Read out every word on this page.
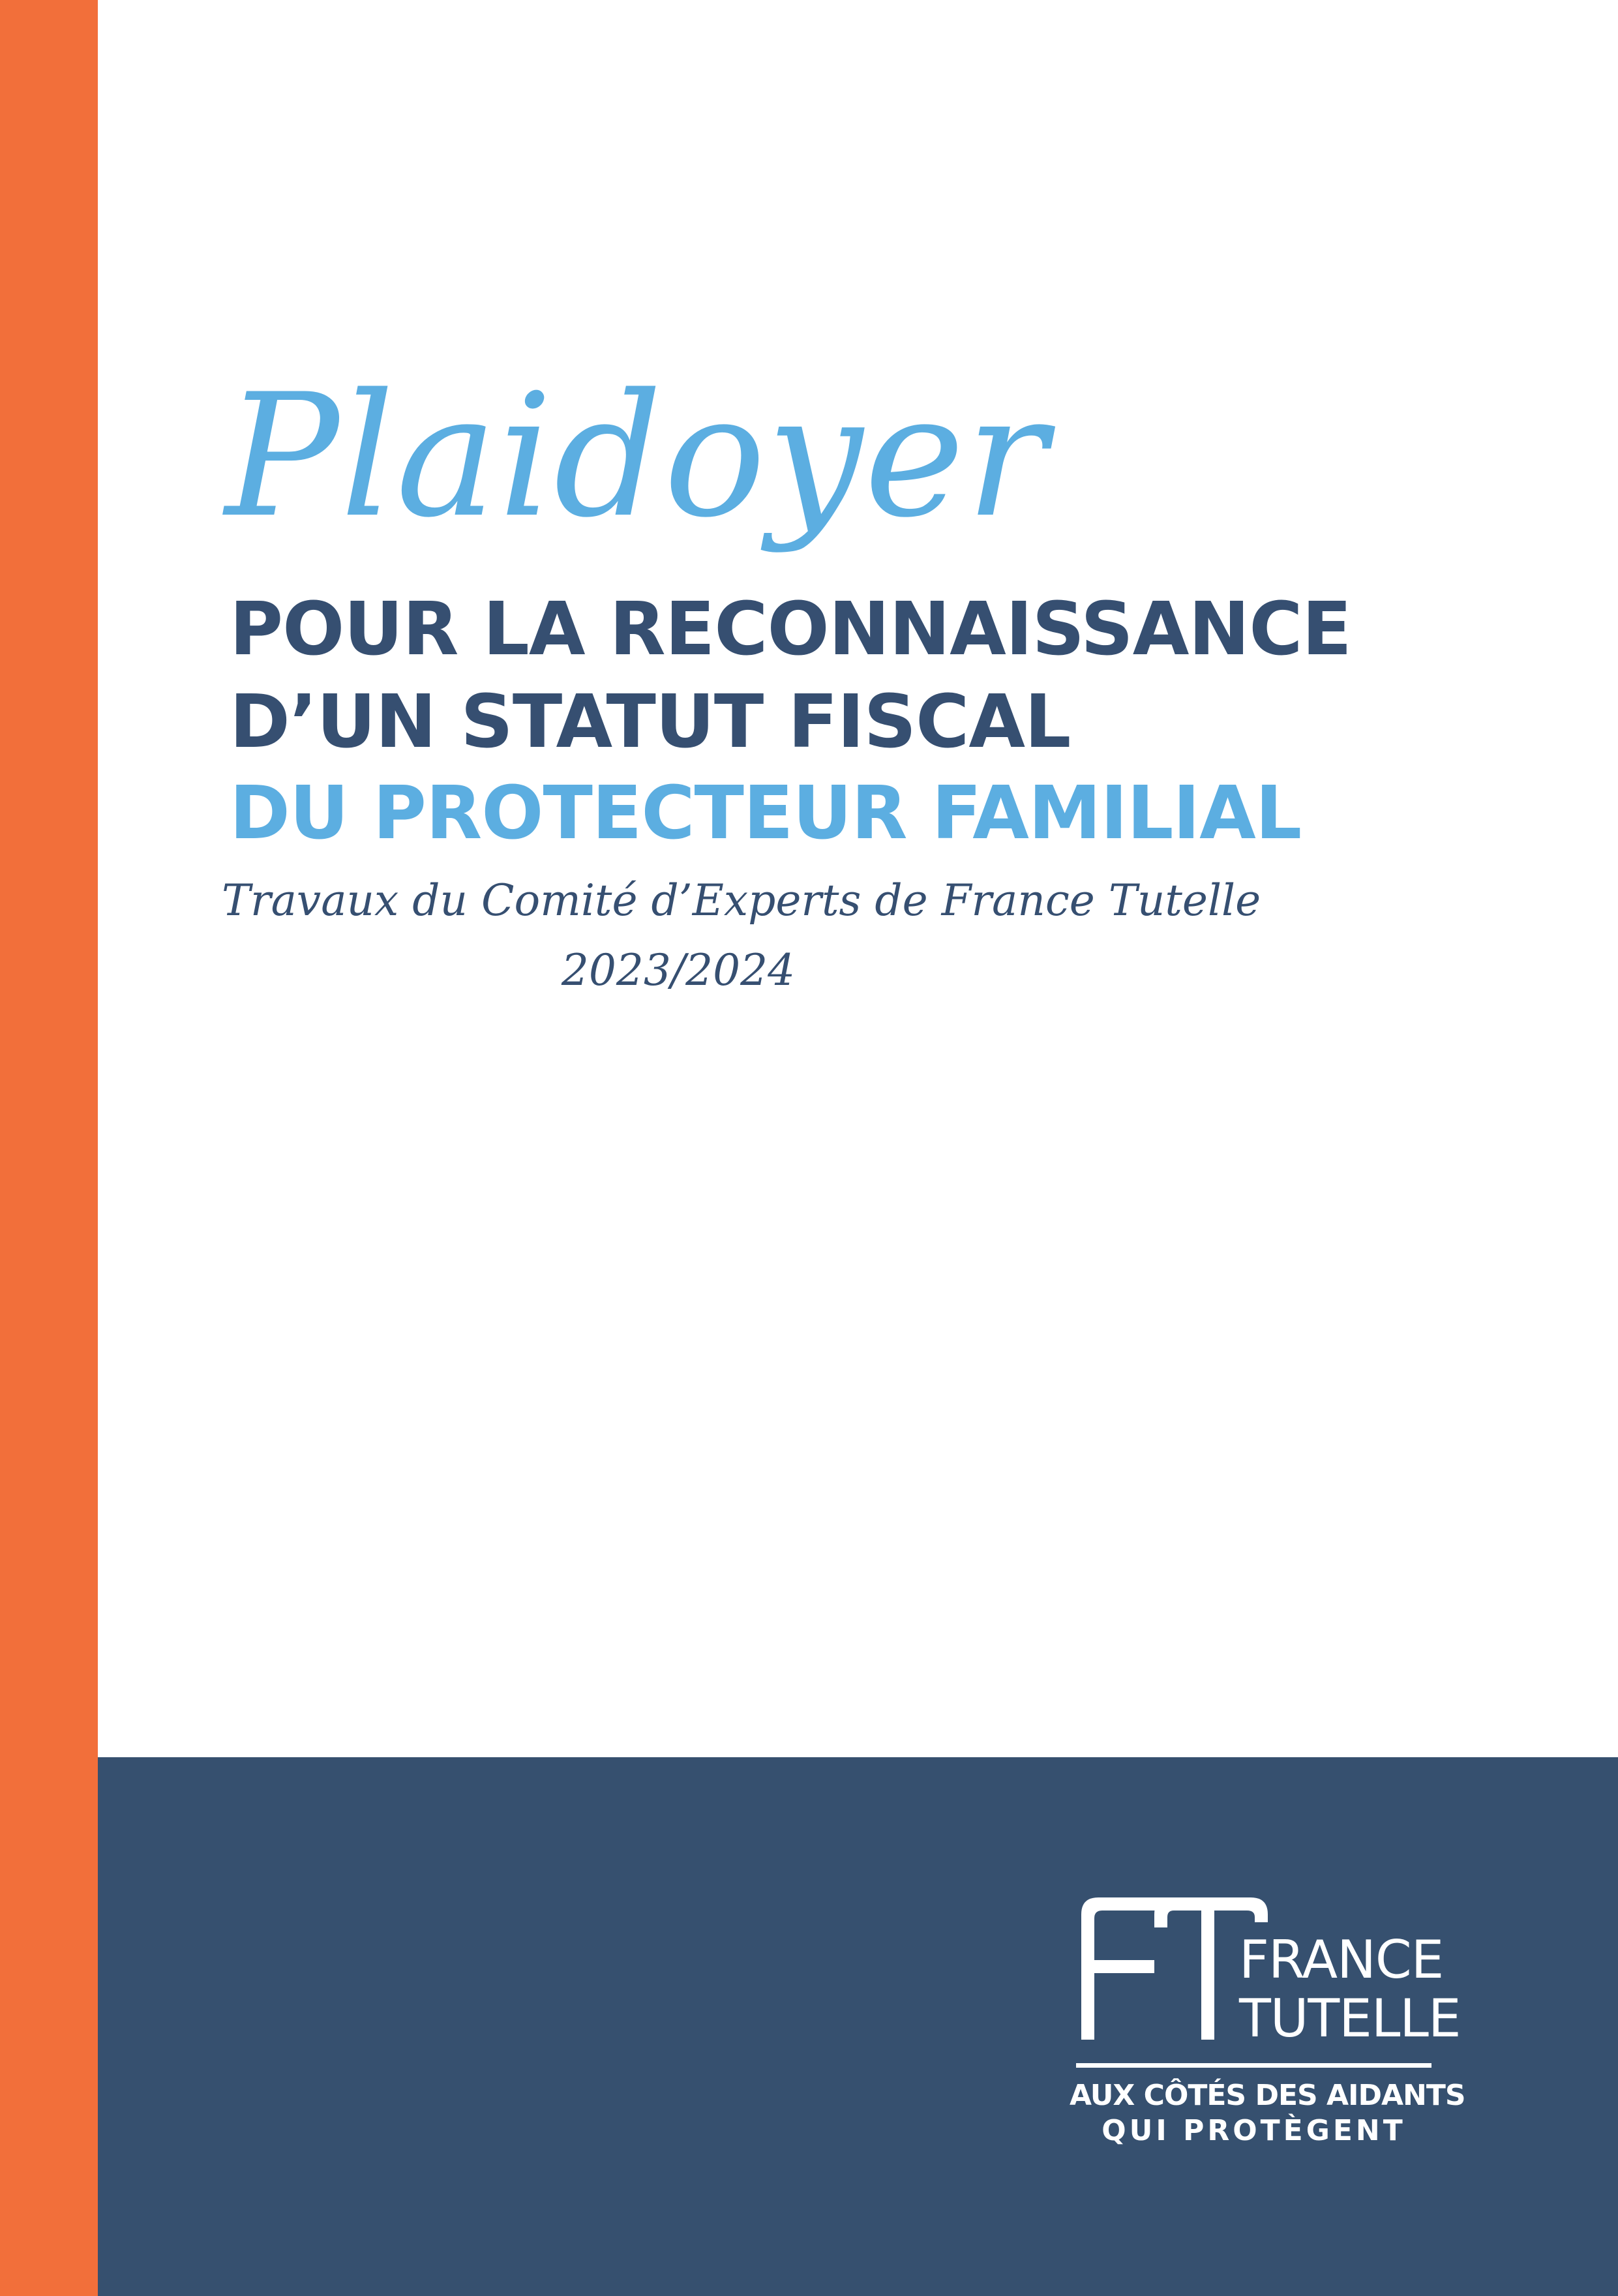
Plaidoyer
POUR LA RECONNAISSANCE
D’UN STATUT FISCAL
DU PROTECTEUR FAMILIAL
Travaux du Comité d’Experts de France Tutelle
2023/2024
FRANCE
TUTELLE
AUX CÔTÉS DES AIDANTS
QUI PROTÈGENT
